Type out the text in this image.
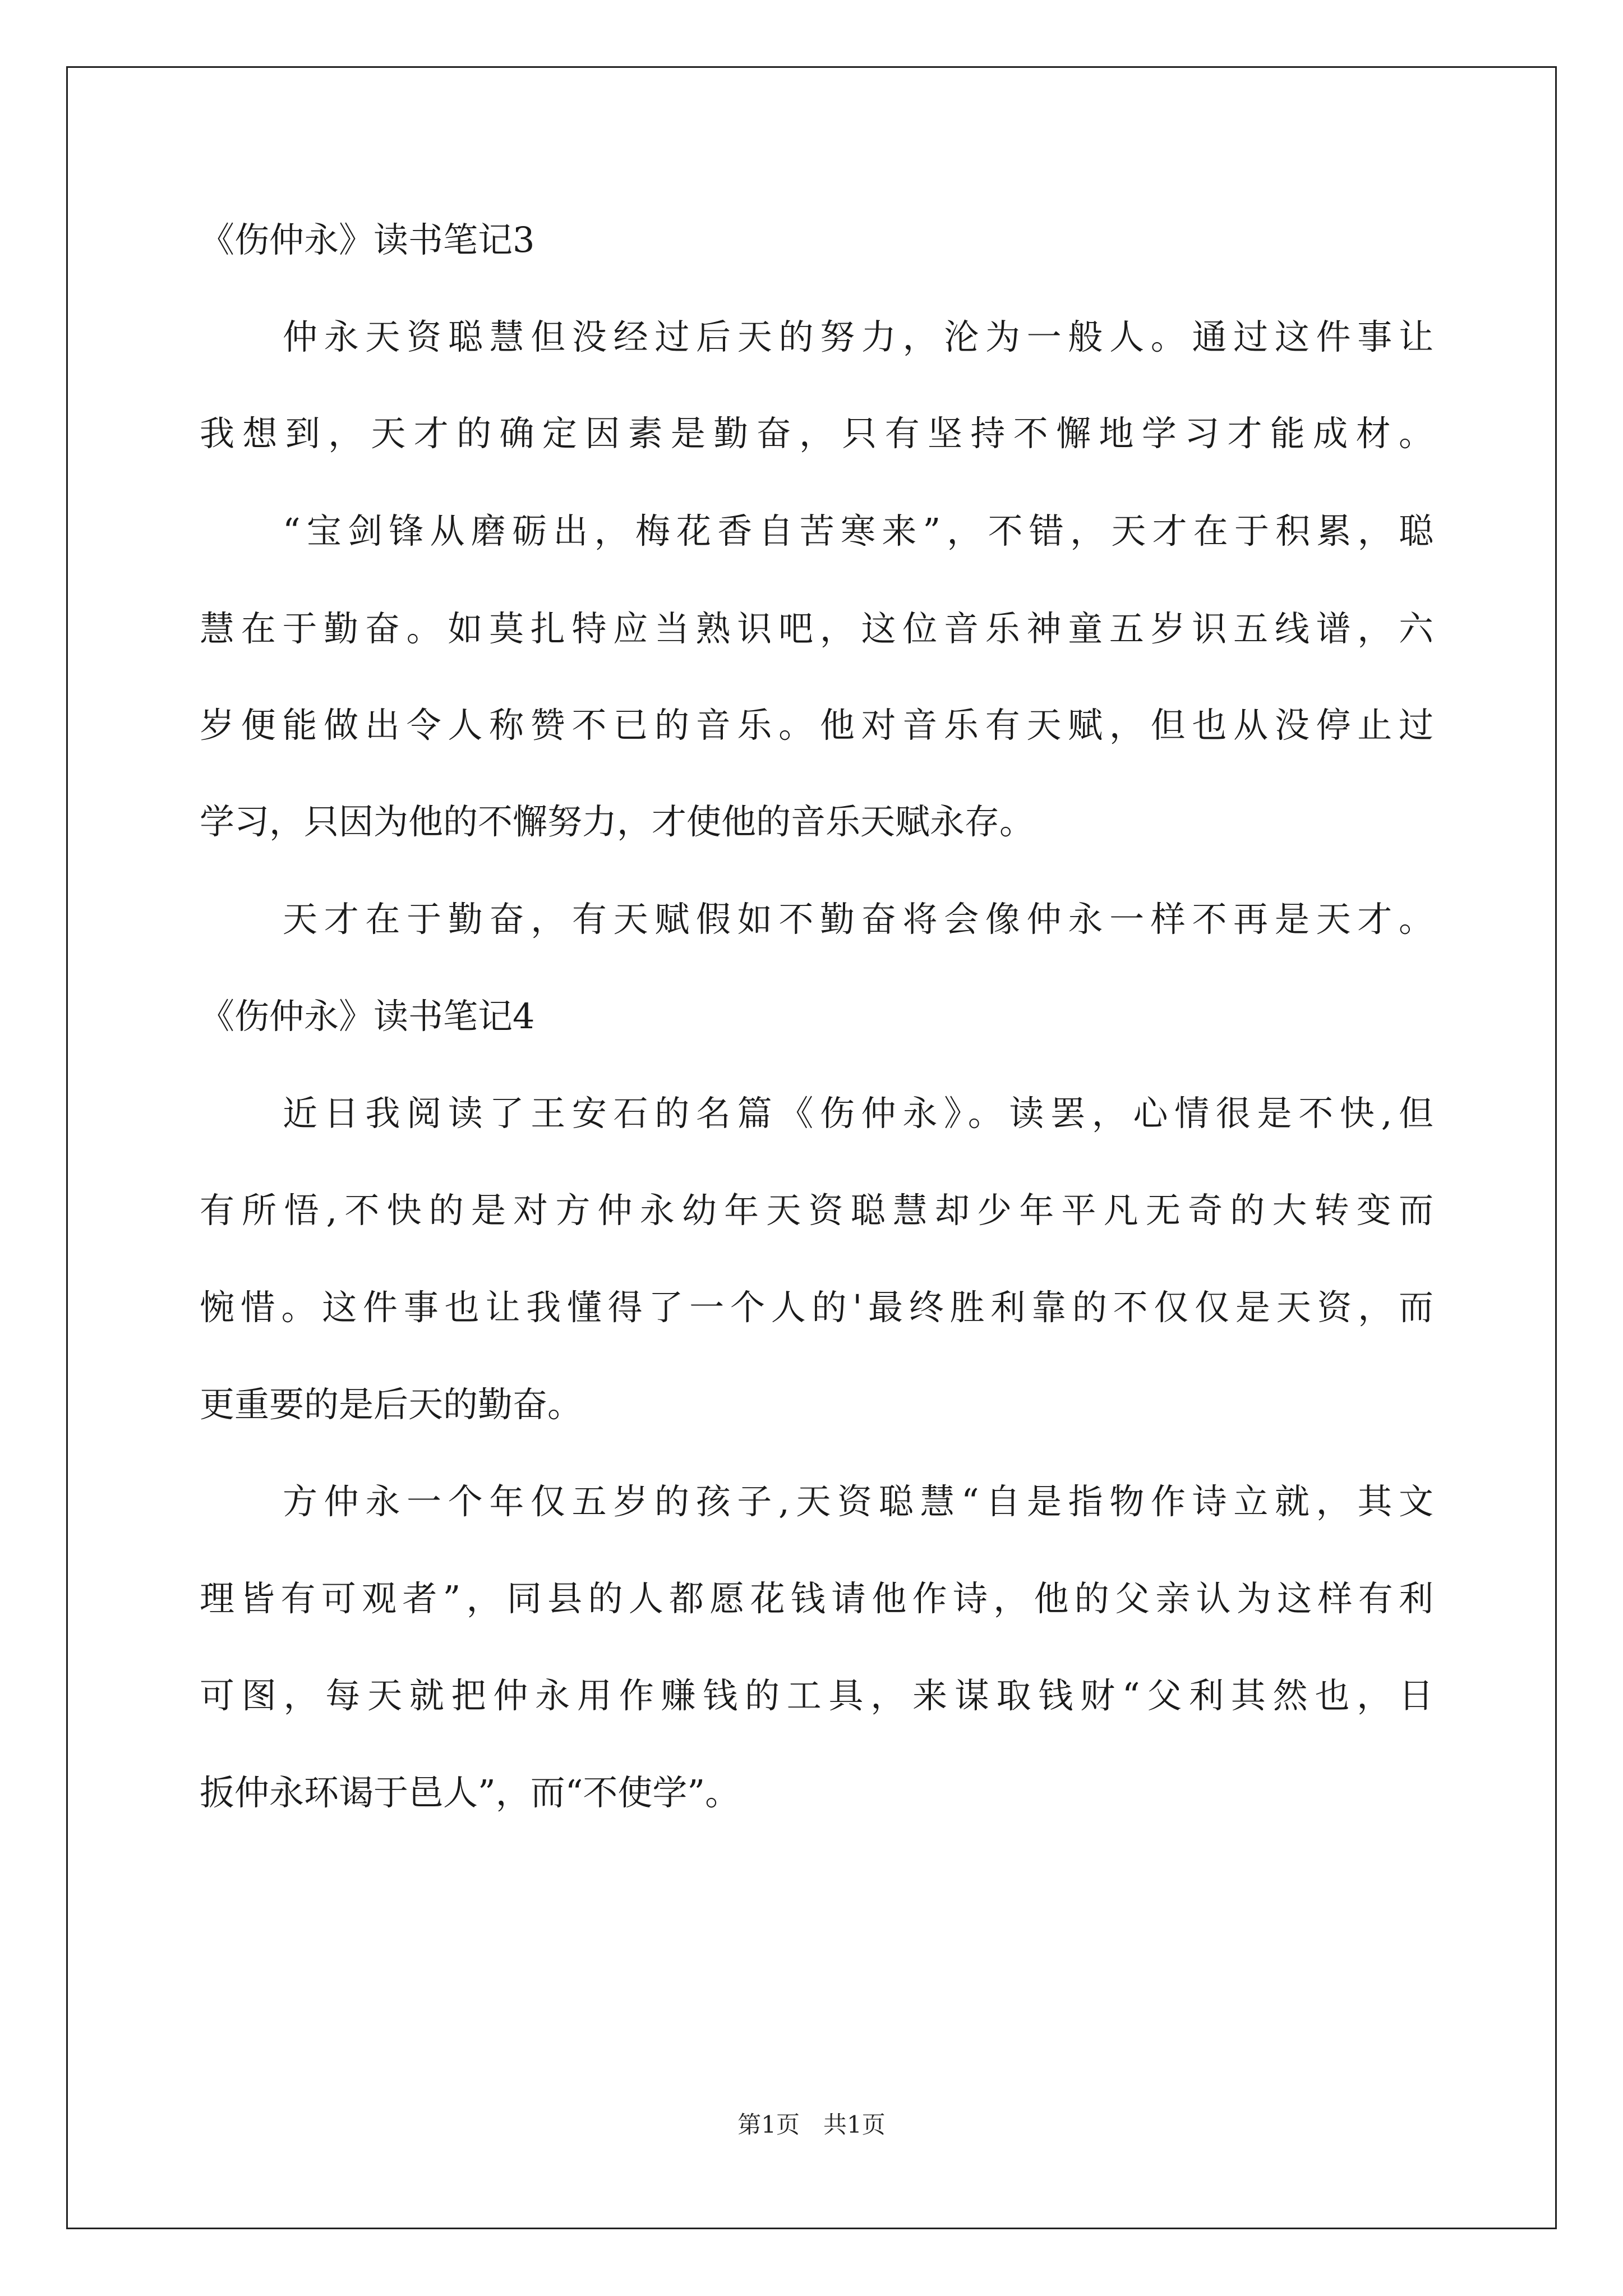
《伤仲永》读书笔记3
仲永天资聪慧但没经过后天的努力，沦为一般人。通过这件事让
我想到，天才的确定因素是勤奋，只有坚持不懈地学习才能成材。
“宝剑锋从磨砺出，梅花香自苦寒来”，不错，天才在于积累，聪
慧在于勤奋。如莫扎特应当熟识吧，这位音乐神童五岁识五线谱，六
岁便能做出令人称赞不已的音乐。他对音乐有天赋，但也从没停止过
学习，只因为他的不懈努力，才使他的音乐天赋永存。
天才在于勤奋，有天赋假如不勤奋将会像仲永一样不再是天才。
《伤仲永》读书笔记4
近日我阅读了王安石的名篇《伤仲永》。读罢，心情很是不快,但
有所悟,不快的是对方仲永幼年天资聪慧却少年平凡无奇的大转变而
惋惜。这件事也让我懂得了一个人的'最终胜利靠的不仅仅是天资，而
更重要的是后天的勤奋。
方仲永一个年仅五岁的孩子,天资聪慧“自是指物作诗立就，其文
理皆有可观者”，同县的人都愿花钱请他作诗，他的父亲认为这样有利
可图，每天就把仲永用作赚钱的工具，来谋取钱财“父利其然也，日
扳仲永环谒于邑人”，而“不使学”。
第1页　共1页
